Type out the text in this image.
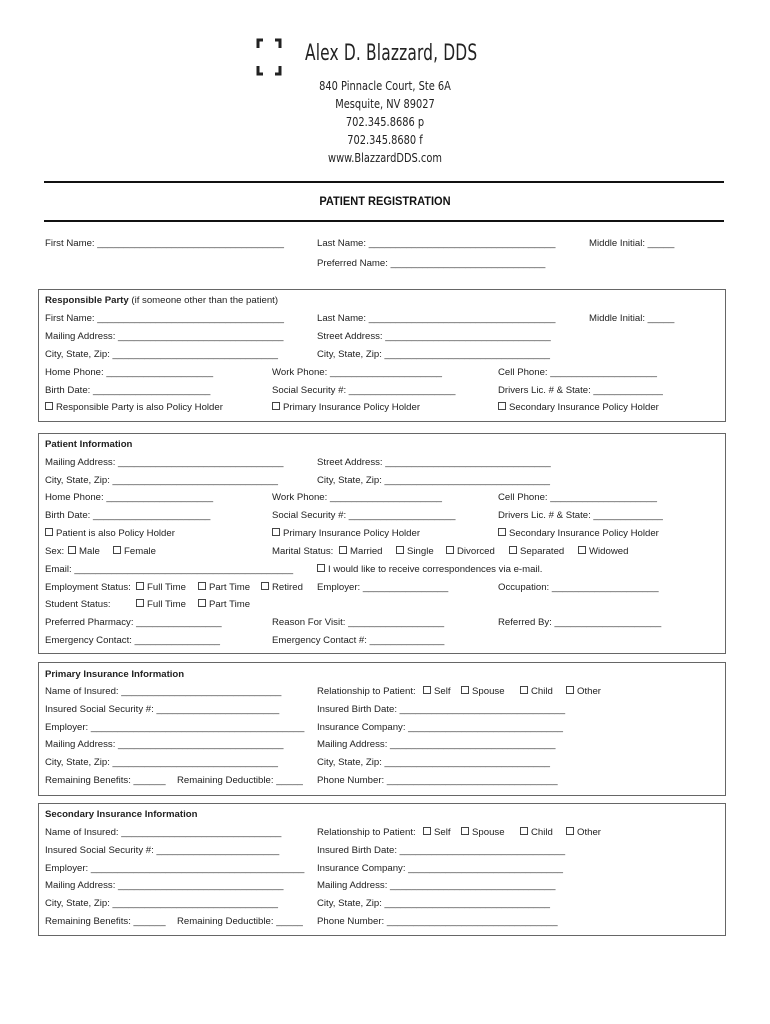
Alex D. Blazzard, DDS
840 Pinnacle Court, Ste 6A
Mesquite, NV 89027
702.345.8686 p
702.345.8680 f
www.BlazzardDDS.com
PATIENT REGISTRATION
First Name: ___________________________________	Last Name: ___________________________________	Middle Initial: _____
Preferred Name: _____________________________
Responsible Party (if someone other than the patient)
First Name: ___________________________________	Last Name: ___________________________________	Middle Initial: _____
Mailing Address: _______________________________	Street Address: _______________________________
City, State, Zip: _______________________________	City, State, Zip: _______________________________
Home Phone: ____________________	Work Phone: _____________________	Cell Phone: ____________________
Birth Date: ______________________	Social Security #: ____________________	Drivers Lic. # & State: _____________
Responsible Party is also Policy Holder	Primary Insurance Policy Holder	Secondary Insurance Policy Holder
Patient Information
Mailing Address: _______________________________	Street Address: _______________________________
City, State, Zip: _______________________________	City, State, Zip: _______________________________
Home Phone: ____________________	Work Phone: _____________________	Cell Phone: ____________________
Birth Date: ______________________	Social Security #: ____________________	Drivers Lic. # & State: _____________
Patient is also Policy Holder	Primary Insurance Policy Holder	Secondary Insurance Policy Holder
Sex:	Male	Female	Marital Status:	Married	Single	Divorced	Separated	Widowed
Email: _________________________________________	I would like to receive correspondences via e-mail.
Employment Status:	Full Time	Part Time	Retired Employer: ________________	Occupation: ____________________
Student Status:	Full Time	Part Time
Preferred Pharmacy: ________________	Reason For Visit: __________________	Referred By: ____________________
Emergency Contact: ________________	Emergency Contact #: ______________
Primary Insurance Information
Name of Insured: ______________________________	Relationship to Patient:	Self	Spouse	Child	Other
Insured Social Security #: _______________________	Insured Birth Date: _______________________________
Employer: ________________________________________ Insurance Company: _____________________________
Mailing Address: _______________________________	Mailing Address: _______________________________
City, State, Zip: _______________________________	City, State, Zip: _______________________________
Remaining Benefits: ______ Remaining Deductible: _____ Phone Number: ________________________________
Secondary Insurance Information
Name of Insured: ______________________________	Relationship to Patient:	Self	Spouse	Child	Other
Insured Social Security #: _______________________	Insured Birth Date: _______________________________
Employer: ________________________________________ Insurance Company: _____________________________
Mailing Address: _______________________________	Mailing Address: _______________________________
City, State, Zip: _______________________________	City, State, Zip: _______________________________
Remaining Benefits: ______ Remaining Deductible: _____ Phone Number: ________________________________
